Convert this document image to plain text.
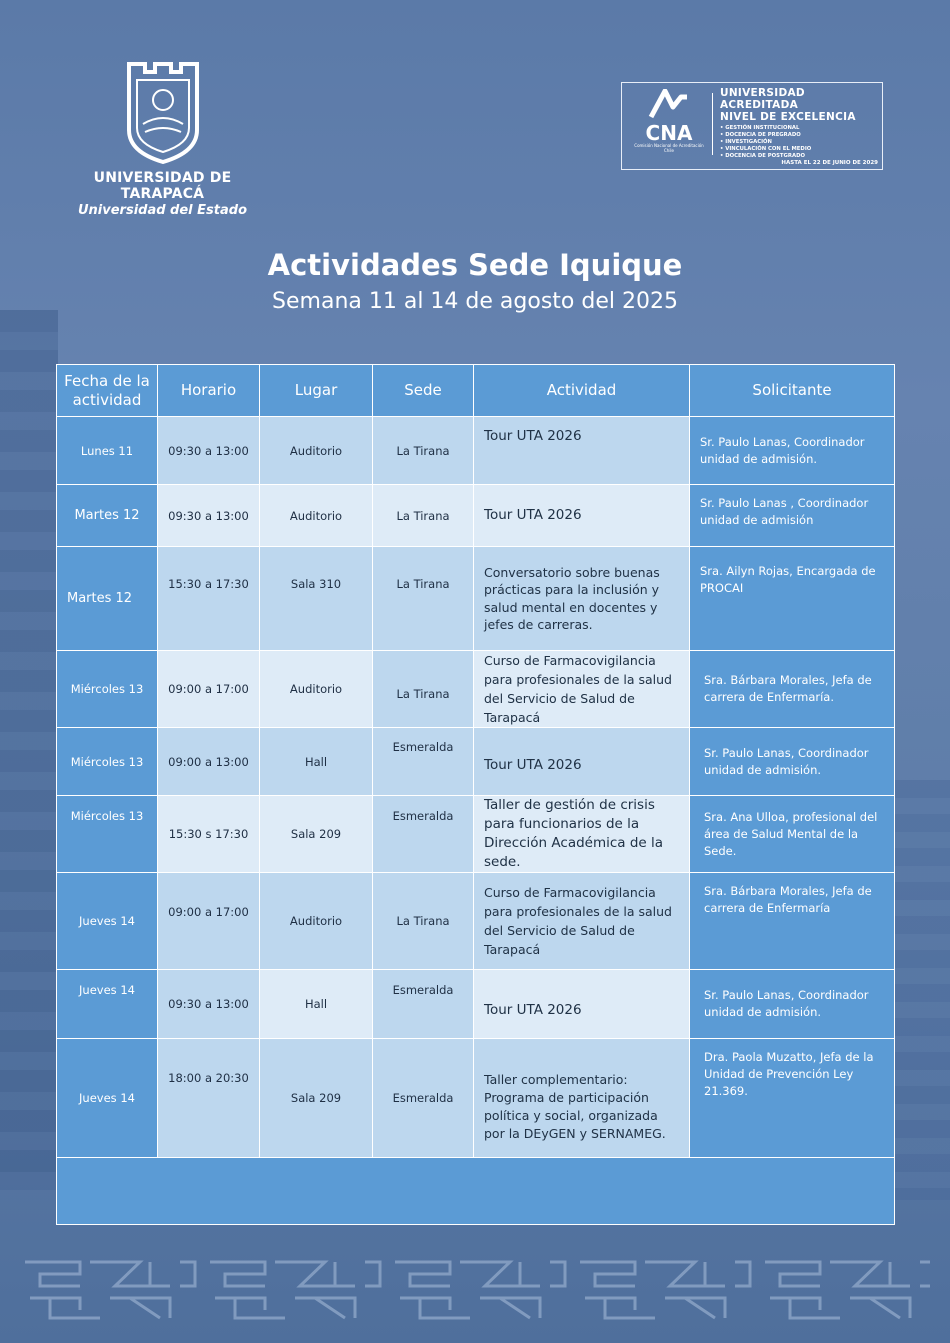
UNIVERSIDAD DE TARAPACÁ
Universidad del Estado
CNA
Comisión Nacional de Acreditación Chile
UNIVERSIDAD ACREDITADA
NIVEL DE EXCELENCIA
• GESTIÓN INSTITUCIONAL
• DOCENCIA DE PREGRADO
• INVESTIGACIÓN
• VINCULACIÓN CON EL MEDIO
• DOCENCIA DE POSTGRADO
HASTA EL 22 DE JUNIO DE 2029
Actividades Sede Iquique
Semana 11 al 14 de agosto del 2025
Fecha de la actividad	Horario	Lugar	Sede	Actividad	Solicitante
Lunes 11	09:30 a 13:00	Auditorio	La Tirana	Tour UTA 2026	Sr. Paulo Lanas, Coordinador unidad de admisión.
Martes 12	09:30 a 13:00	Auditorio	La Tirana	Tour UTA 2026	Sr. Paulo Lanas , Coordinador unidad de admisión
Martes 12	15:30 a 17:30	Sala 310	La Tirana	Conversatorio sobre buenas prácticas para la inclusión y salud mental en docentes y jefes de carreras.	Sra. Ailyn Rojas, Encargada de PROCAI
Miércoles 13	09:00 a 17:00	Auditorio	La Tirana	Curso de Farmacovigilancia para profesionales de la salud del Servicio de Salud de Tarapacá	Sra. Bárbara Morales, Jefa de carrera de Enfermaría.
Miércoles 13	09:00 a 13:00	Hall	Esmeralda	Tour UTA 2026	Sr. Paulo Lanas, Coordinador unidad de admisión.
Miércoles 13	15:30 s 17:30	Sala 209	Esmeralda	Taller de gestión de crisis para funcionarios de la Dirección Académica de la sede.	Sra. Ana Ulloa, profesional del área de Salud Mental de la Sede.
Jueves 14	09:00 a 17:00	Auditorio	La Tirana	Curso de Farmacovigilancia para profesionales de la salud del Servicio de Salud de Tarapacá	Sra. Bárbara Morales, Jefa de carrera de Enfermaría
Jueves 14	09:30 a 13:00	Hall	Esmeralda	Tour UTA 2026	Sr. Paulo Lanas, Coordinador unidad de admisión.
Jueves 14	18:00 a 20:30	Sala 209	Esmeralda	Taller complementario: Programa de participación política y social, organizada por la DEyGEN y SERNAMEG.	Dra. Paola Muzatto, Jefa de la Unidad de Prevención Ley 21.369.
